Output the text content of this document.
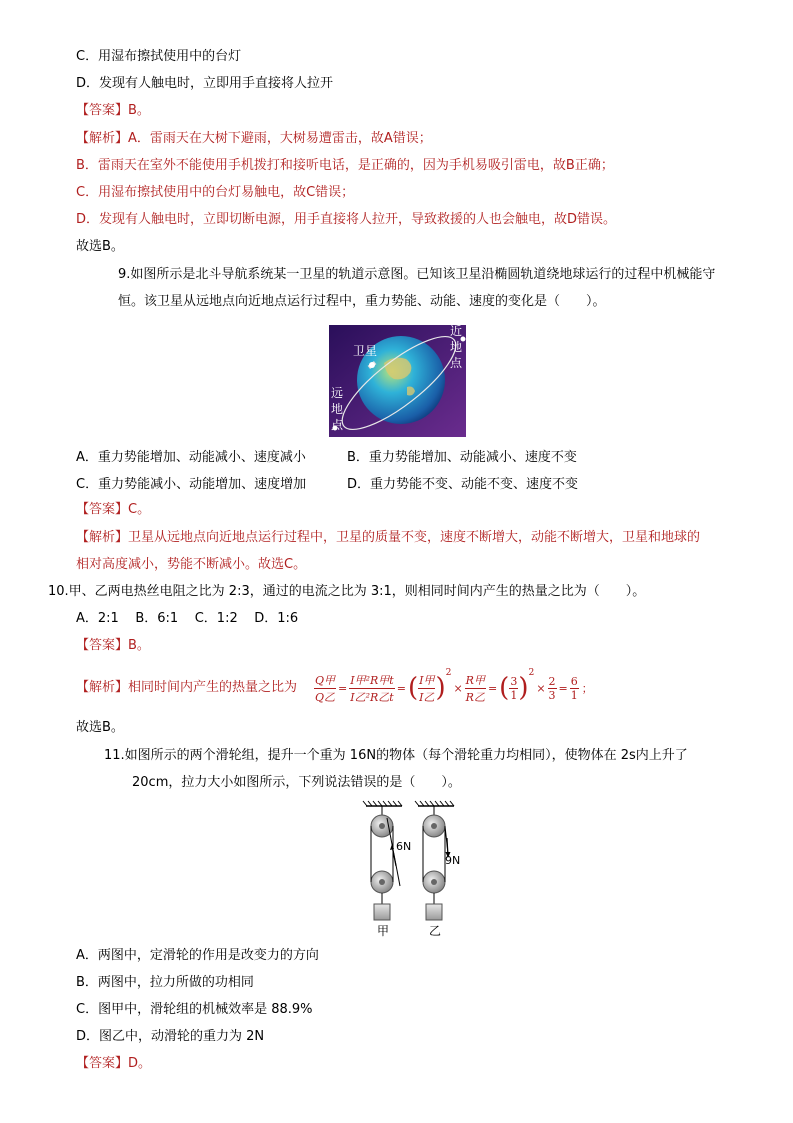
C．用湿布擦拭使用中的台灯
D．发现有人触电时，立即用手直接将人拉开
【答案】B。
【解析】A．雷雨天在大树下避雨，大树易遭雷击，故A错误；
B．雷雨天在室外不能使用手机拨打和接听电话，是正确的，因为手机易吸引雷电，故B正确；
C．用湿布擦拭使用中的台灯易触电，故C错误；
D．发现有人触电时，立即切断电源，用手直接将人拉开，导致救援的人也会触电，故D错误。
故选B。
9.如图所示是北斗导航系统某一卫星的轨道示意图。已知该卫星沿椭圆轨道绕地球运行的过程中机械能守
恒。该卫星从远地点向近地点运行过程中，重力势能、动能、速度的变化是（　　）。
卫星
近
地
点
远
地
点
A．重力势能增加、动能减小、速度减小	B．重力势能增加、动能减小、速度不变
C．重力势能减小、动能增加、速度增加	D．重力势能不变、动能不变、速度不变
【答案】C。
【解析】卫星从远地点向近地点运行过程中，卫星的质量不变，速度不断增大，动能不断增大，卫星和地球的
相对高度减小，势能不断减小。故选C。
10.甲、乙两电热丝电阻之比为 2:3，通过的电流之比为 3:1，则相同时间内产生的热量之比为（　　）。
A．2:1 B．6:1 C．1:2 D．1:6
【答案】B。
【解析】相同时间内产生的热量之比为 Q甲
Q乙
=
I甲²R甲t
I乙²R乙t
= ( I甲
I乙 )
$^2$
×
R甲
R乙
= ( $\frac{3}{1}$ )
$^2$
× $\frac{2}{3} = \frac{6}{1}$ ；
故选B。
11.如图所示的两个滑轮组，提升一个重为 16N的物体（每个滑轮重力均相同），使物体在 2s内上升了
20cm，拉力大小如图所示，下列说法错误的是（　　）。
6N
9N
甲	乙
A．两图中，定滑轮的作用是改变力的方向
B．两图中，拉力所做的功相同
C．图甲中，滑轮组的机械效率是 88.9%
D．图乙中，动滑轮的重力为 2N
【答案】D。
